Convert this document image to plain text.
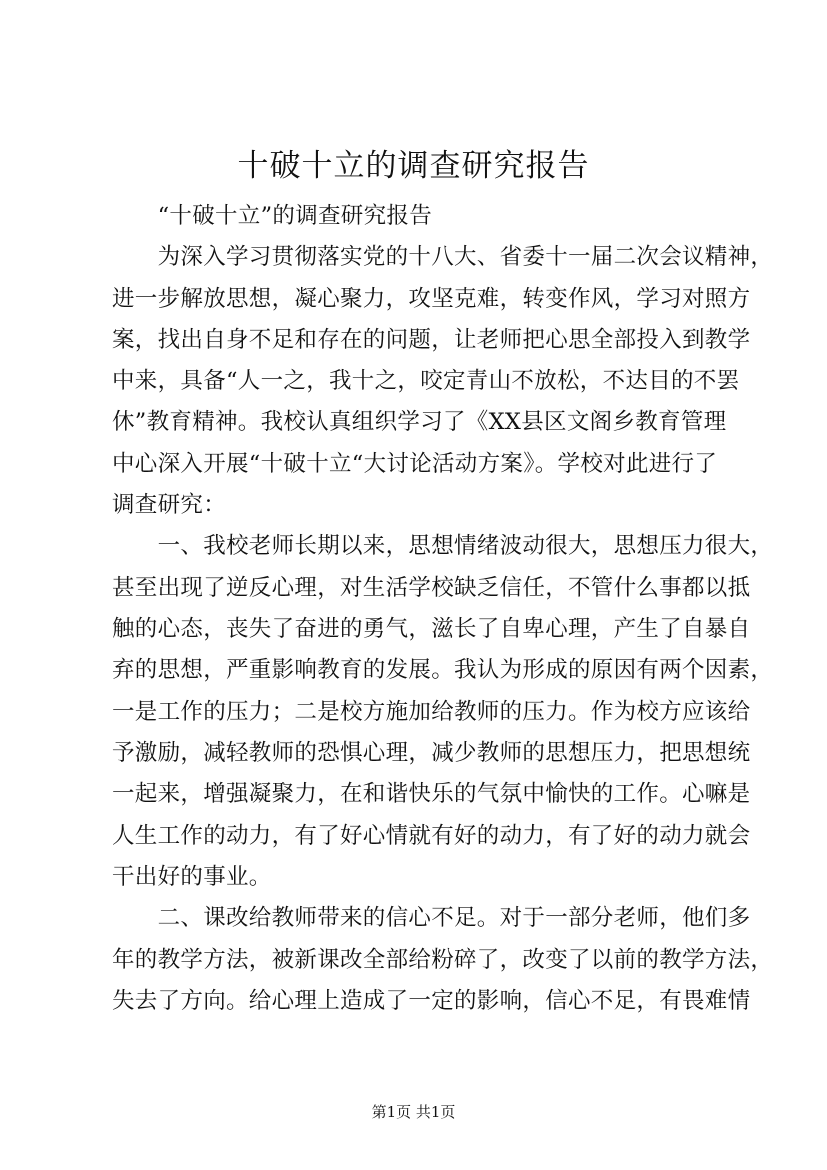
十破十立的调查研究报告
　　“十破十立”的调查研究报告
　　为深入学习贯彻落实党的十八大、省委十一届二次会议精神，
进一步解放思想，凝心聚力，攻坚克难，转变作风，学习对照方
案，找出自身不足和存在的问题，让老师把心思全部投入到教学
中来，具备“人一之，我十之，咬定青山不放松，不达目的不罢
休”教育精神。我校认真组织学习了《XX县区文阁乡教育管理
中心深入开展“十破十立“大讨论活动方案》。学校对此进行了
调查研究：
　　一、我校老师长期以来，思想情绪波动很大，思想压力很大，
甚至出现了逆反心理，对生活学校缺乏信任，不管什么事都以抵
触的心态，丧失了奋进的勇气，滋长了自卑心理，产生了自暴自
弃的思想，严重影响教育的发展。我认为形成的原因有两个因素，
一是工作的压力；二是校方施加给教师的压力。作为校方应该给
予激励，减轻教师的恐惧心理，减少教师的思想压力，把思想统
一起来，增强凝聚力，在和谐快乐的气氛中愉快的工作。心嘛是
人生工作的动力，有了好心情就有好的动力，有了好的动力就会
干出好的事业。
　　二、课改给教师带来的信心不足。对于一部分老师，他们多
年的教学方法，被新课改全部给粉碎了，改变了以前的教学方法，
失去了方向。给心理上造成了一定的影响，信心不足，有畏难情
第1页 共1页
